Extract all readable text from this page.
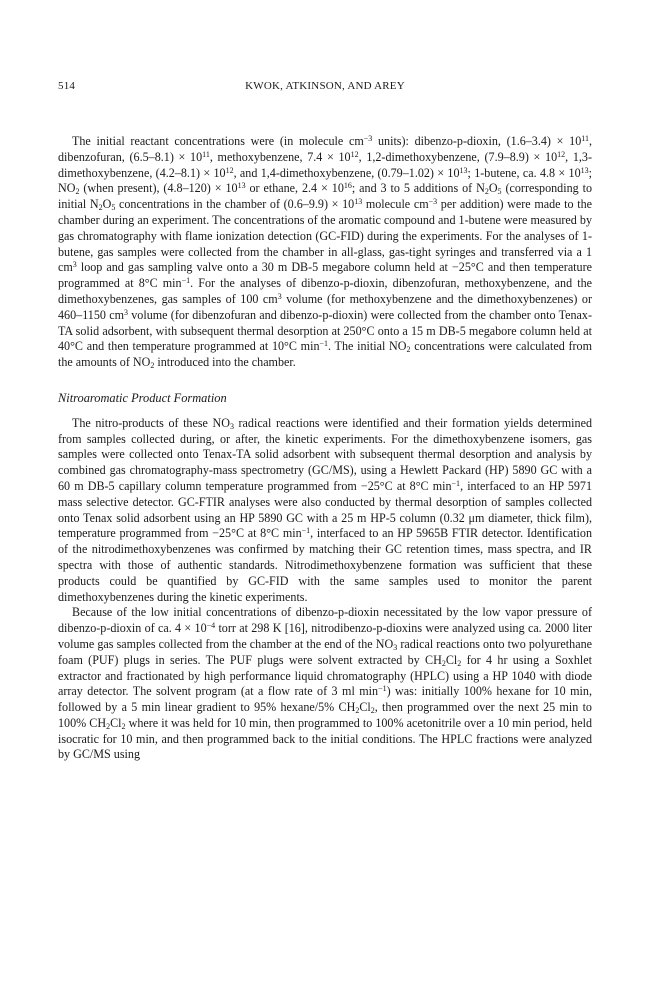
514	KWOK, ATKINSON, AND AREY

The initial reactant concentrations were (in molecule $cm^{-3}$ units): dibenzo-p-dioxin, $(1.6-3.4) \times 10^{11}$, dibenzofuran, $(6.5-8.1) \times 10^{11}$, methoxybenzene, $7.4 \times 10^{12}$, 1,2-dimethoxybenzene, $(7.9-8.9) \times 10^{12}$, 1,3-dimethoxybenzene, $(4.2-8.1) \times 10^{12}$, and 1,4-dimethoxybenzene, $(0.79-1.02) \times 10^{13}$; 1-butene, ca. $4.8 \times 10^{13}$; $NO_2$ (when present), $(4.8-120) \times 10^{13}$ or ethane, $2.4 \times 10^{16}$; and 3 to 5 additions of $N_2O_5$ (corresponding to initial $N_2O_5$ concentrations in the chamber of $(0.6-9.9) \times 10^{13}$ molecule $cm^{-3}$ per addition) were made to the chamber during an experiment. The concentrations of the aromatic compound and 1-butene were measured by gas chromatography with flame ionization detection (GC-FID) during the experiments. For the analyses of 1-butene, gas samples were collected from the chamber in all-glass, gas-tight syringes and transferred via a 1 $cm^3$ loop and gas sampling valve onto a 30 m DB-5 megabore column held at −25°C and then temperature programmed at 8°C $\min^{-1}$. For the analyses of dibenzo-p-dioxin, dibenzofuran, methoxybenzene, and the dimethoxybenzenes, gas samples of 100 $cm^3$ volume (for methoxybenzene and the dimethoxybenzenes) or 460–1150 $cm^3$ volume (for dibenzofuran and dibenzo-p-dioxin) were collected from the chamber onto Tenax-TA solid adsorbent, with subsequent thermal desorption at 250°C onto a 15 m DB-5 megabore column held at 40°C and then temperature programmed at 10°C $\min^{-1}$. The initial $NO_2$ concentrations were calculated from the amounts of $NO_2$ introduced into the chamber.

Nitroaromatic Product Formation

The nitro-products of these $NO_3$ radical reactions were identified and their formation yields determined from samples collected during, or after, the kinetic experiments. For the dimethoxybenzene isomers, gas samples were collected onto Tenax-TA solid adsorbent with subsequent thermal desorption and analysis by combined gas chromatography-mass spectrometry (GC/MS), using a Hewlett Packard (HP) 5890 GC with a 60 m DB-5 capillary column temperature programmed from −25°C at 8°C $\min^{-1}$, interfaced to an HP 5971 mass selective detector. GC-FTIR analyses were also conducted by thermal desorption of samples collected onto Tenax solid adsorbent using an HP 5890 GC with a 25 m HP-5 column (0.32 μm diameter, thick film), temperature programmed from −25°C at 8°C $\min^{-1}$, interfaced to an HP 5965B FTIR detector. Identification of the nitrodimethoxybenzenes was confirmed by matching their GC retention times, mass spectra, and IR spectra with those of authentic standards. Nitrodimethoxybenzene formation was sufficient that these products could be quantified by GC-FID with the same samples used to monitor the parent dimethoxybenzenes during the kinetic experiments.

Because of the low initial concentrations of dibenzo-p-dioxin necessitated by the low vapor pressure of dibenzo-p-dioxin of ca. $4 \times 10^{-4}$ torr at 298 K [16], nitrodibenzo-p-dioxins were analyzed using ca. 2000 liter volume gas samples collected from the chamber at the end of the $NO_3$ radical reactions onto two polyurethane foam (PUF) plugs in series. The PUF plugs were solvent extracted by $CH_2Cl_2$ for 4 hr using a Soxhlet extractor and fractionated by high performance liquid chromatography (HPLC) using a HP 1040 with diode array detector. The solvent program (at a flow rate of 3 ml $\min^{-1}$) was: initially 100% hexane for 10 min, followed by a 5 min linear gradient to 95% hexane/5% $CH_2Cl_2$, then programmed over the next 25 min to 100% $CH_2Cl_2$ where it was held for 10 min, then programmed to 100% acetonitrile over a 10 min period, held isocratic for 10 min, and then programmed back to the initial conditions. The HPLC fractions were analyzed by GC/MS using
